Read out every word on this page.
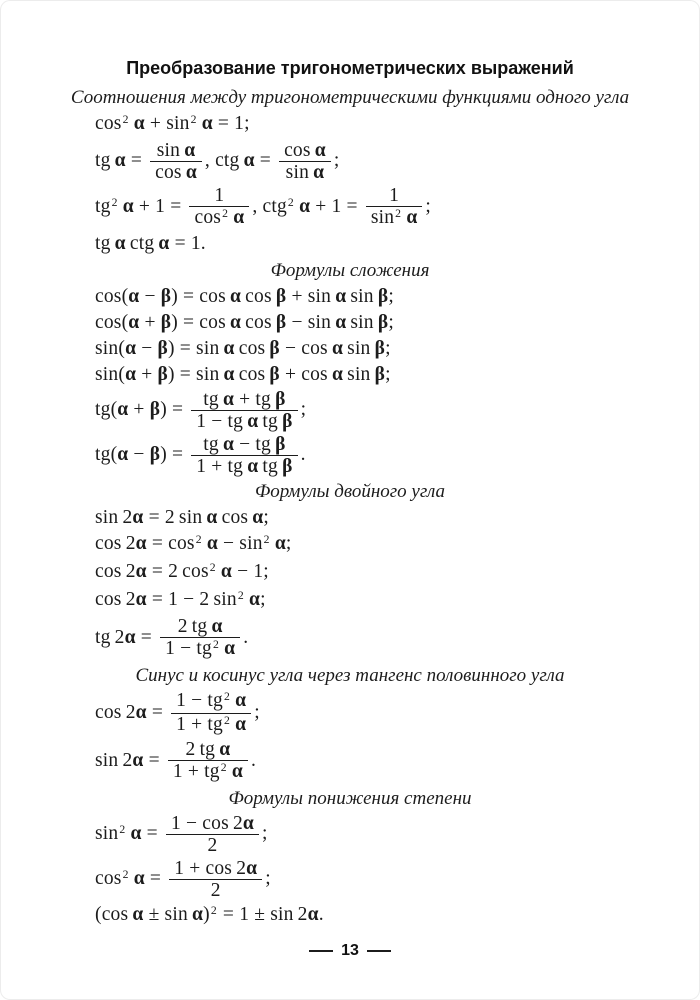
Преобразование тригонометрических выражений
Соотношения между тригонометрическими функциями одного угла
$\cos^2 \alpha + \sin^2 \alpha = 1$;
tg $\alpha = \frac{\text{sin α}}{\text{cos α}}$ , ctg $\alpha = \frac{\text{cos α}}{\text{sin α}}$ ;
$tg^2$  $\alpha + 1 = \frac{1}{\cos^2 \alpha}$ , ctg$^2$  $\alpha + 1 = \frac{1}{\sin^2 \alpha}$ ;
tg α ctg α = 1.
Формулы сложения
cos(α − β) = cos α cos β + sin α sin β;
cos(α + β) = cos α cos β − sin α sin β;
sin(α − β) = sin α cos β − cos α sin β;
sin(α + β) = sin α cos β + cos α sin β;
$tg(\alpha + \beta) = \frac{\text{tg α + tg β}}{\text{1 − tg α tg β}}$ ;
$tg(\alpha - \beta) = \frac{\text{tg α − tg β}}{\text{1 + tg α tg β}}$ .
Формулы двойного угла
sin 2α = 2 sin α cos α;
$\cos 2\alpha = \cos^2 \alpha - \sin^2 \alpha$;
cos 2α = 2 $\cos^2 \alpha - 1$;
cos 2α = 1 − 2 $\sin^2 \alpha$;
tg $2\alpha = \frac{\text{2 tg α}}{1 - tg^2 \alpha}$ .
Синус и косинус угла через тангенс половинного угла
$\cos 2\alpha = \frac{1 - tg^2 \alpha}{1 + tg^2 \alpha}$ ;
$\sin 2\alpha = \frac{\text{2 tg α}}{1 + tg^2 \alpha}$ .
Формулы понижения степени
$\sin^2 \alpha = \frac{1 - \cos 2\alpha}{2}$ ;
$\cos^2 \alpha = \frac{1 + \cos 2\alpha}{2}$ ;
(cos α ± sin α)$^2$ = 1 ± sin 2α.
13
